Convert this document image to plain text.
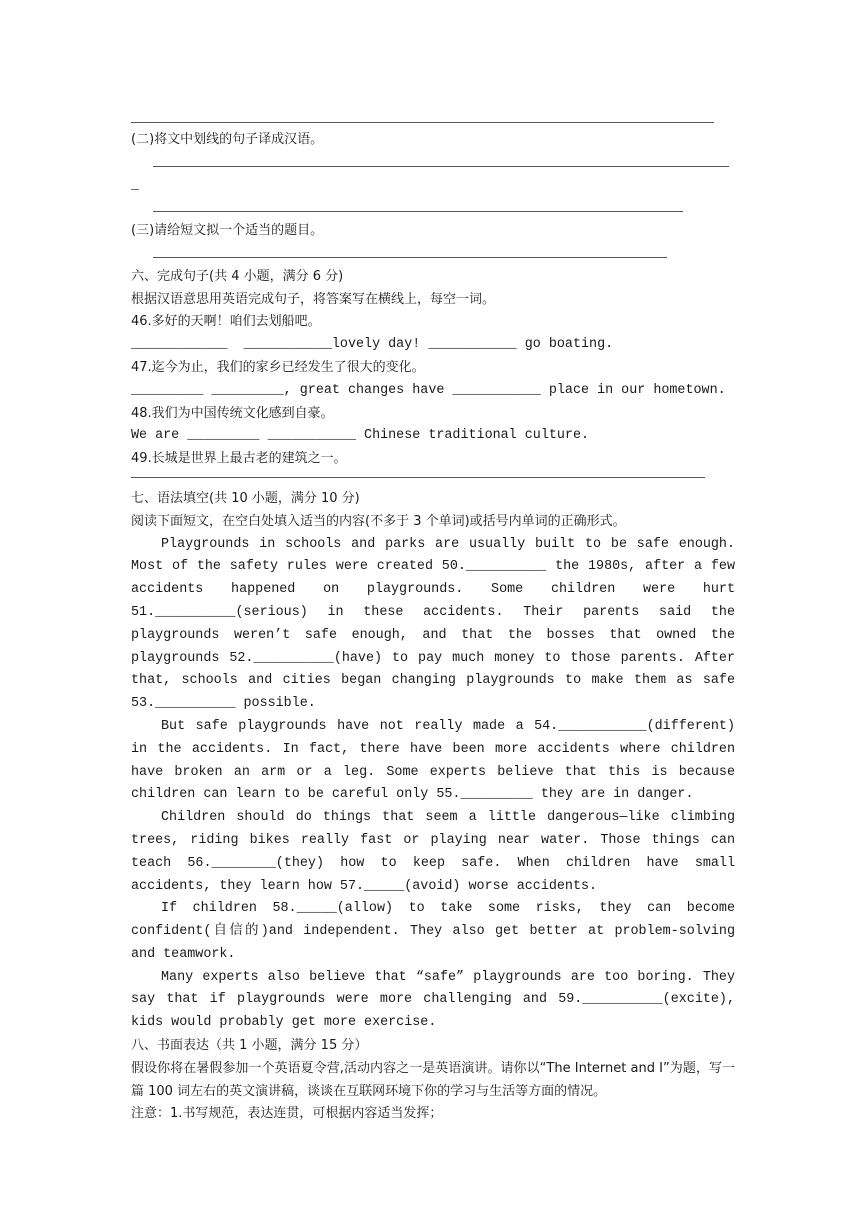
(二)将文中划线的句子译成汉语。

_

(三)请给短文拟一个适当的题目。

六、完成句子(共 4 小题，满分 6 分)
根据汉语意思用英语完成句子，将答案写在横线上，每空一词。
46.多好的天啊！咱们去划船吧。
____________  ___________lovely day! ___________ go boating.
47.迄今为止，我们的家乡已经发生了很大的变化。
_________ _________, great changes have ___________ place in our hometown.
48.我们为中国传统文化感到自豪。
We are _________ ___________ Chinese traditional culture.
49.长城是世界上最古老的建筑之一。
七、语法填空(共 10 小题，满分 10 分)
阅读下面短文，在空白处填入适当的内容(不多于 3 个单词)或括号内单词的正确形式。
Playgrounds in schools and parks are usually built to be safe enough. Most of the safety rules were created 50.__________ the 1980s, after a few accidents happened on playgrounds. Some children were hurt 51.__________(serious) in these accidents. Their parents said the playgrounds weren’t safe enough, and that the bosses that owned the playgrounds 52.__________(have) to pay much money to those parents. After that, schools and cities began changing playgrounds to make them as safe 53.__________ possible.
But safe playgrounds have not really made a 54.___________(different) in the accidents. In fact, there have been more accidents where children have broken an arm or a leg. Some experts believe that this is because children can learn to be careful only 55._________ they are in danger.
Children should do things that seem a little dangerous—like climbing trees, riding bikes really fast or playing near water. Those things can teach 56.________(they) how to keep safe. When children have small accidents, they learn how 57._____(avoid) worse accidents.
If children 58._____(allow) to take some risks, they can become confident(自信的)and independent. They also get better at problem-solving and teamwork.
Many experts also believe that “safe” playgrounds are too boring. They say that if playgrounds were more challenging and 59.__________(excite), kids would probably get more exercise.
八、书面表达（共 1 小题，满分 15 分）
假设你将在暑假参加一个英语夏令营,活动内容之一是英语演讲。请你以“The Internet and I”为题，写一篇 100 词左右的英文演讲稿，谈谈在互联网环境下你的学习与生活等方面的情况。
注意：1.书写规范，表达连贯，可根据内容适当发挥；
